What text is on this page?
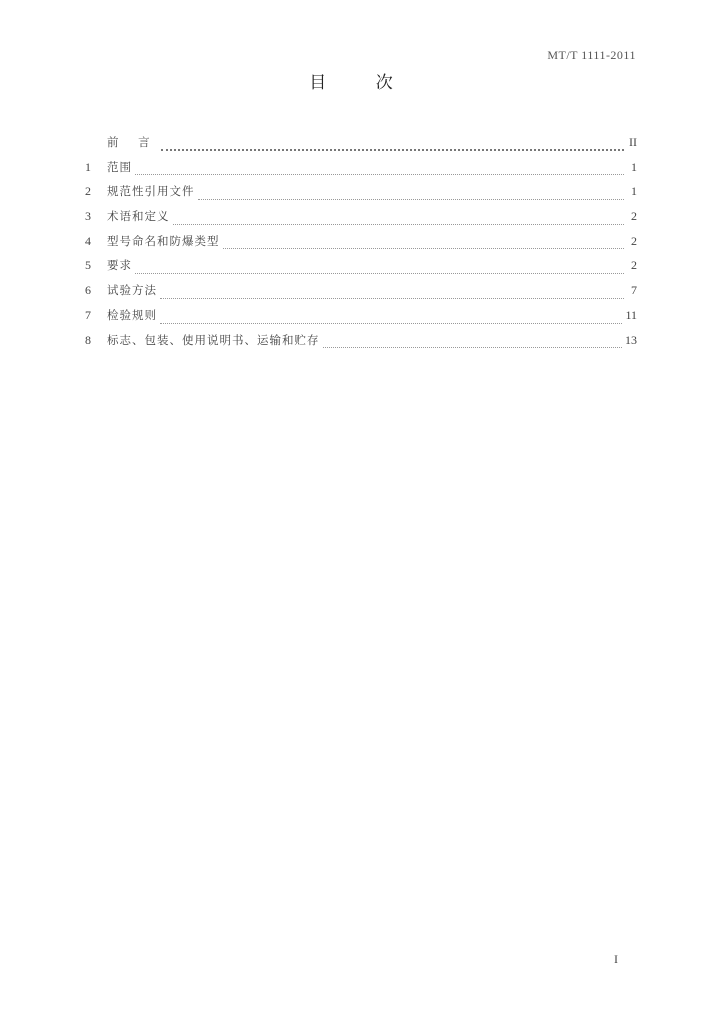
MT/T 1111-2011
目 次
前 言	II
1	范围	1
2	规范性引用文件	1
3	术语和定义	2
4	型号命名和防爆类型	2
5	要求	2
6	试验方法	7
7	检验规则	11
8	标志、包装、使用说明书、运输和贮存	13
I
